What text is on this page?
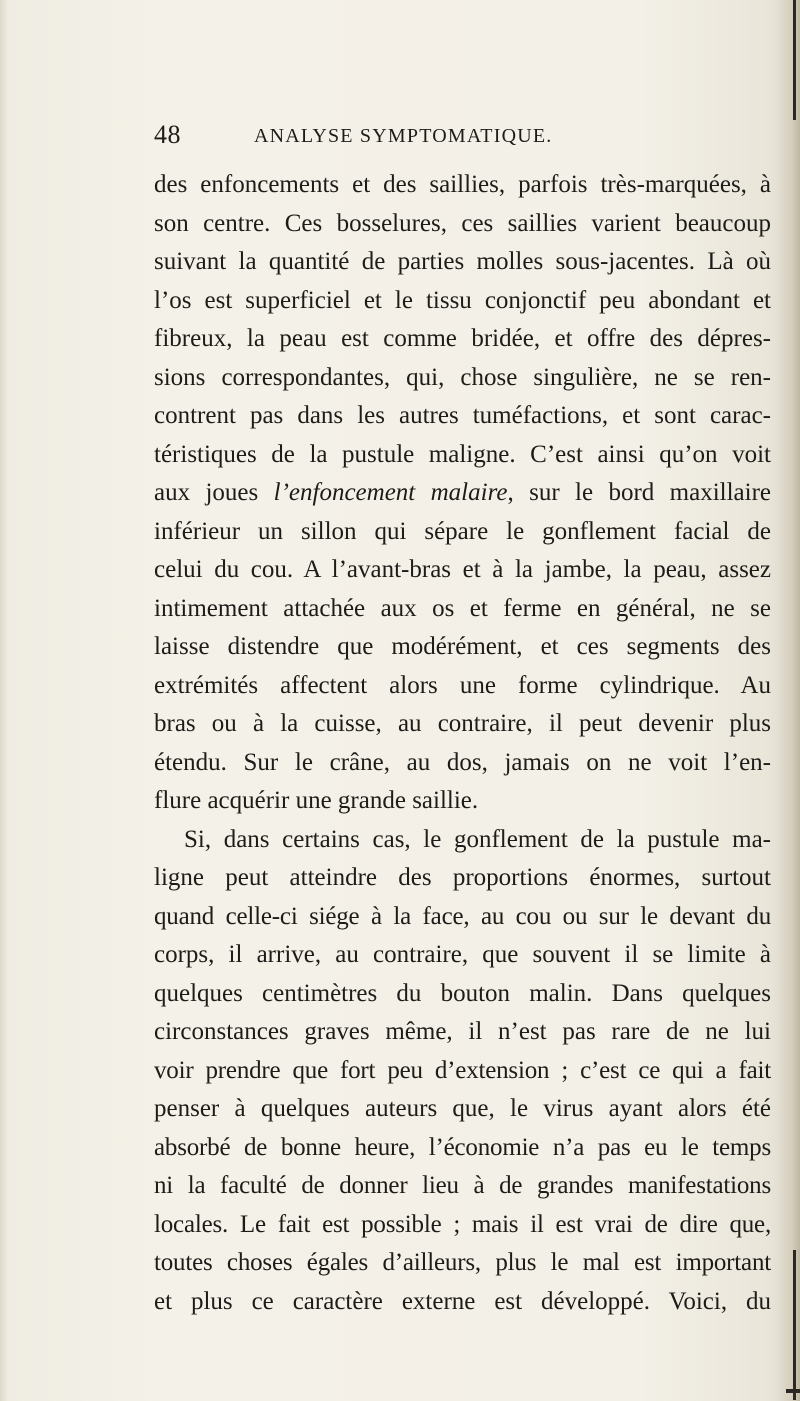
48	ANALYSE SYMPTOMATIQUE.
des enfoncements et des saillies, parfois très-marquées, à
son centre. Ces bosselures, ces saillies varient beaucoup
suivant la quantité de parties molles sous-jacentes. Là où
l’os est superficiel et le tissu conjonctif peu abondant et
fibreux, la peau est comme bridée, et offre des dépres-
sions correspondantes, qui, chose singulière, ne se ren-
contrent pas dans les autres tuméfactions, et sont carac-
téristiques de la pustule maligne. C’est ainsi qu’on voit
aux joues l’enfoncement malaire, sur le bord maxillaire
inférieur un sillon qui sépare le gonflement facial de
celui du cou. A l’avant-bras et à la jambe, la peau, assez
intimement attachée aux os et ferme en général, ne se
laisse distendre que modérément, et ces segments des
extrémités affectent alors une forme cylindrique. Au
bras ou à la cuisse, au contraire, il peut devenir plus
étendu. Sur le crâne, au dos, jamais on ne voit l’en-
flure acquérir une grande saillie.
Si, dans certains cas, le gonflement de la pustule ma-
ligne peut atteindre des proportions énormes, surtout
quand celle-ci siége à la face, au cou ou sur le devant du
corps, il arrive, au contraire, que souvent il se limite à
quelques centimètres du bouton malin. Dans quelques
circonstances graves même, il n’est pas rare de ne lui
voir prendre que fort peu d’extension ; c’est ce qui a fait
penser à quelques auteurs que, le virus ayant alors été
absorbé de bonne heure, l’économie n’a pas eu le temps
ni la faculté de donner lieu à de grandes manifestations
locales. Le fait est possible ; mais il est vrai de dire que,
toutes choses égales d’ailleurs, plus le mal est important
et plus ce caractère externe est développé. Voici, du
